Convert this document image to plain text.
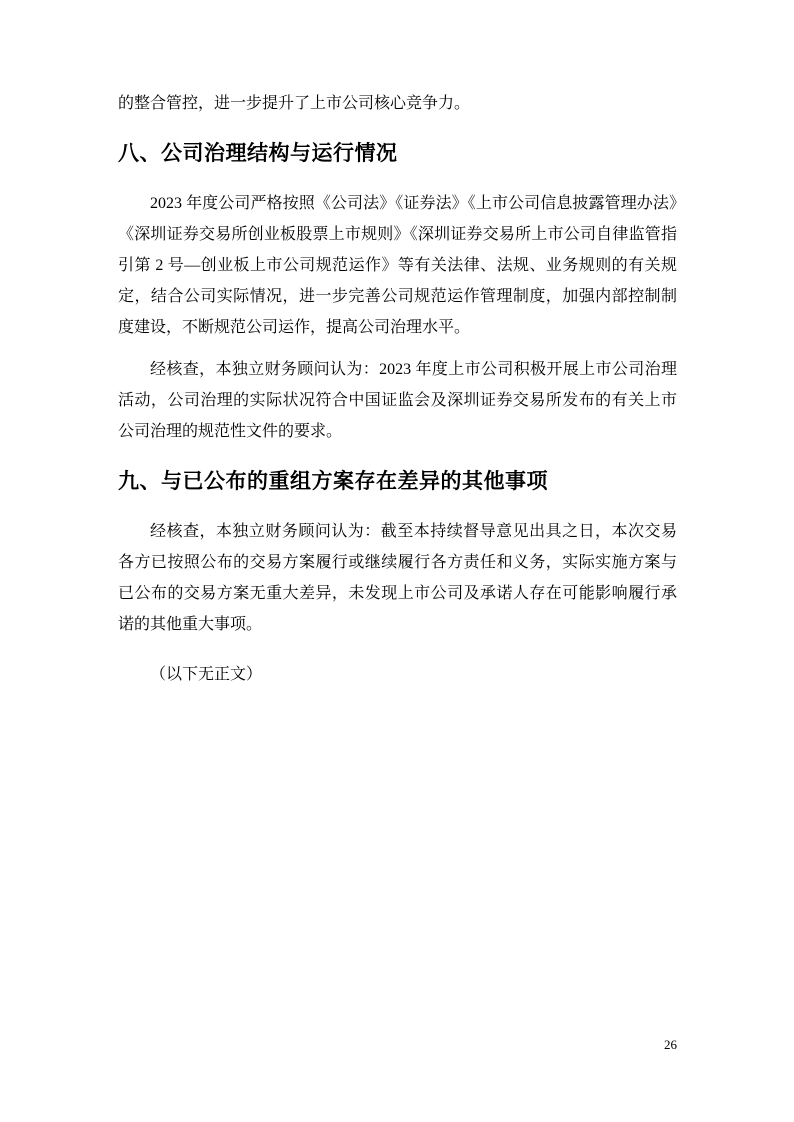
的整合管控，进一步提升了上市公司核心竞争力。

八、公司治理结构与运行情况

2023 年度公司严格按照《公司法》《证券法》《上市公司信息披露管理办法》《深圳证券交易所创业板股票上市规则》《深圳证券交易所上市公司自律监管指引第 2 号—创业板上市公司规范运作》等有关法律、法规、业务规则的有关规定，结合公司实际情况，进一步完善公司规范运作管理制度，加强内部控制制度建设，不断规范公司运作，提高公司治理水平。

经核查，本独立财务顾问认为：2023 年度上市公司积极开展上市公司治理活动，公司治理的实际状况符合中国证监会及深圳证券交易所发布的有关上市公司治理的规范性文件的要求。

九、与已公布的重组方案存在差异的其他事项

经核查，本独立财务顾问认为：截至本持续督导意见出具之日，本次交易各方已按照公布的交易方案履行或继续履行各方责任和义务，实际实施方案与已公布的交易方案无重大差异，未发现上市公司及承诺人存在可能影响履行承诺的其他重大事项。

（以下无正文）

26
